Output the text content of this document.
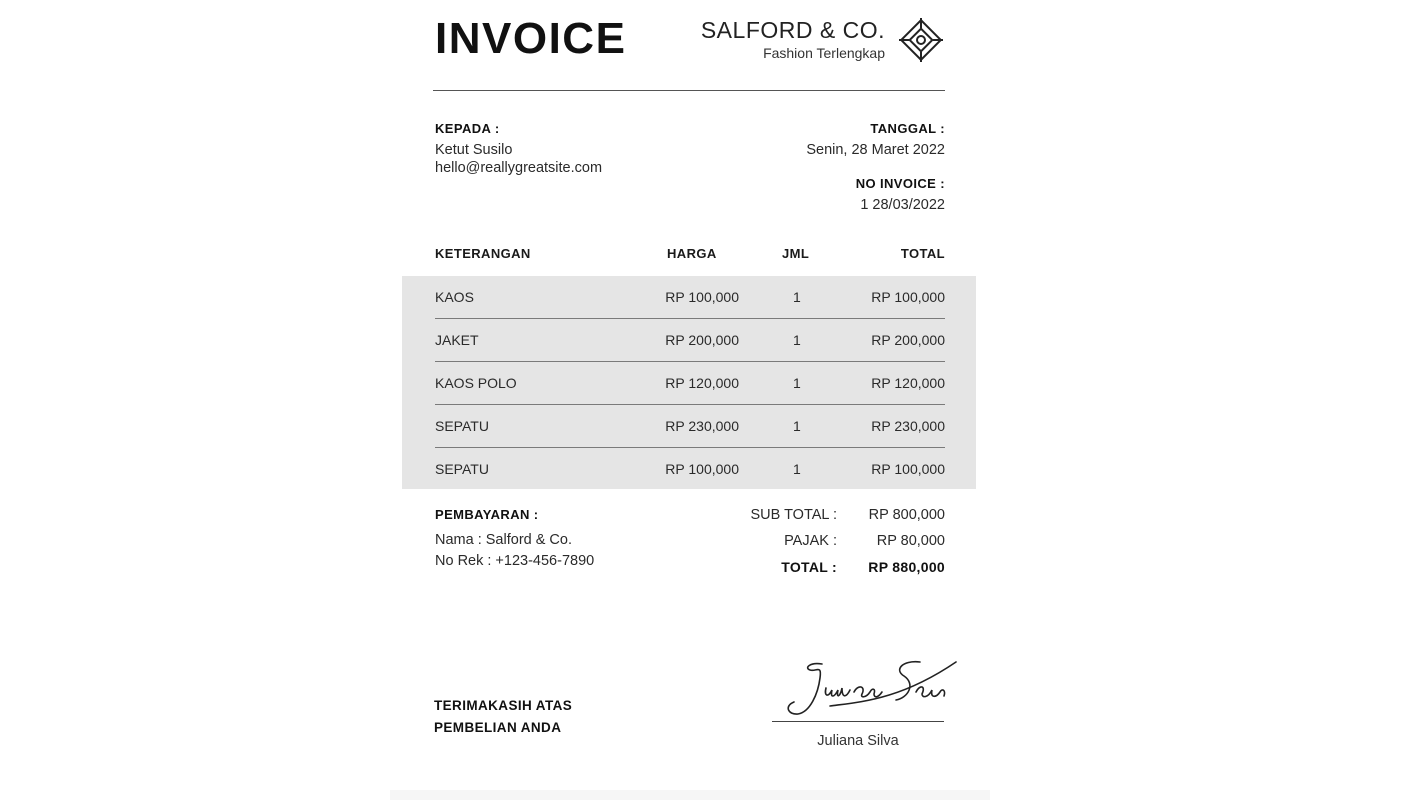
INVOICE	SALFORD & CO.
Fashion Terlengkap
KEPADA :
Ketut Susilo
hello@reallygreatsite.com
TANGGAL :
Senin, 28 Maret 2022
NO INVOICE :
1 28/03/2022
KETERANGAN	HARGA	JML	TOTAL
KAOS	RP 100,000	1	RP 100,000
JAKET	RP 200,000	1	RP 200,000
KAOS POLO	RP 120,000	1	RP 120,000
SEPATU	RP 230,000	1	RP 230,000
SEPATU	RP 100,000	1	RP 100,000
PEMBAYARAN :
Nama : Salford & Co.
No Rek : +123-456-7890
SUB TOTAL : RP 800,000
PAJAK :	RP 80,000
TOTAL : RP 880,000
TERIMAKASIH ATAS
PEMBELIAN ANDA
Juliana Silva
